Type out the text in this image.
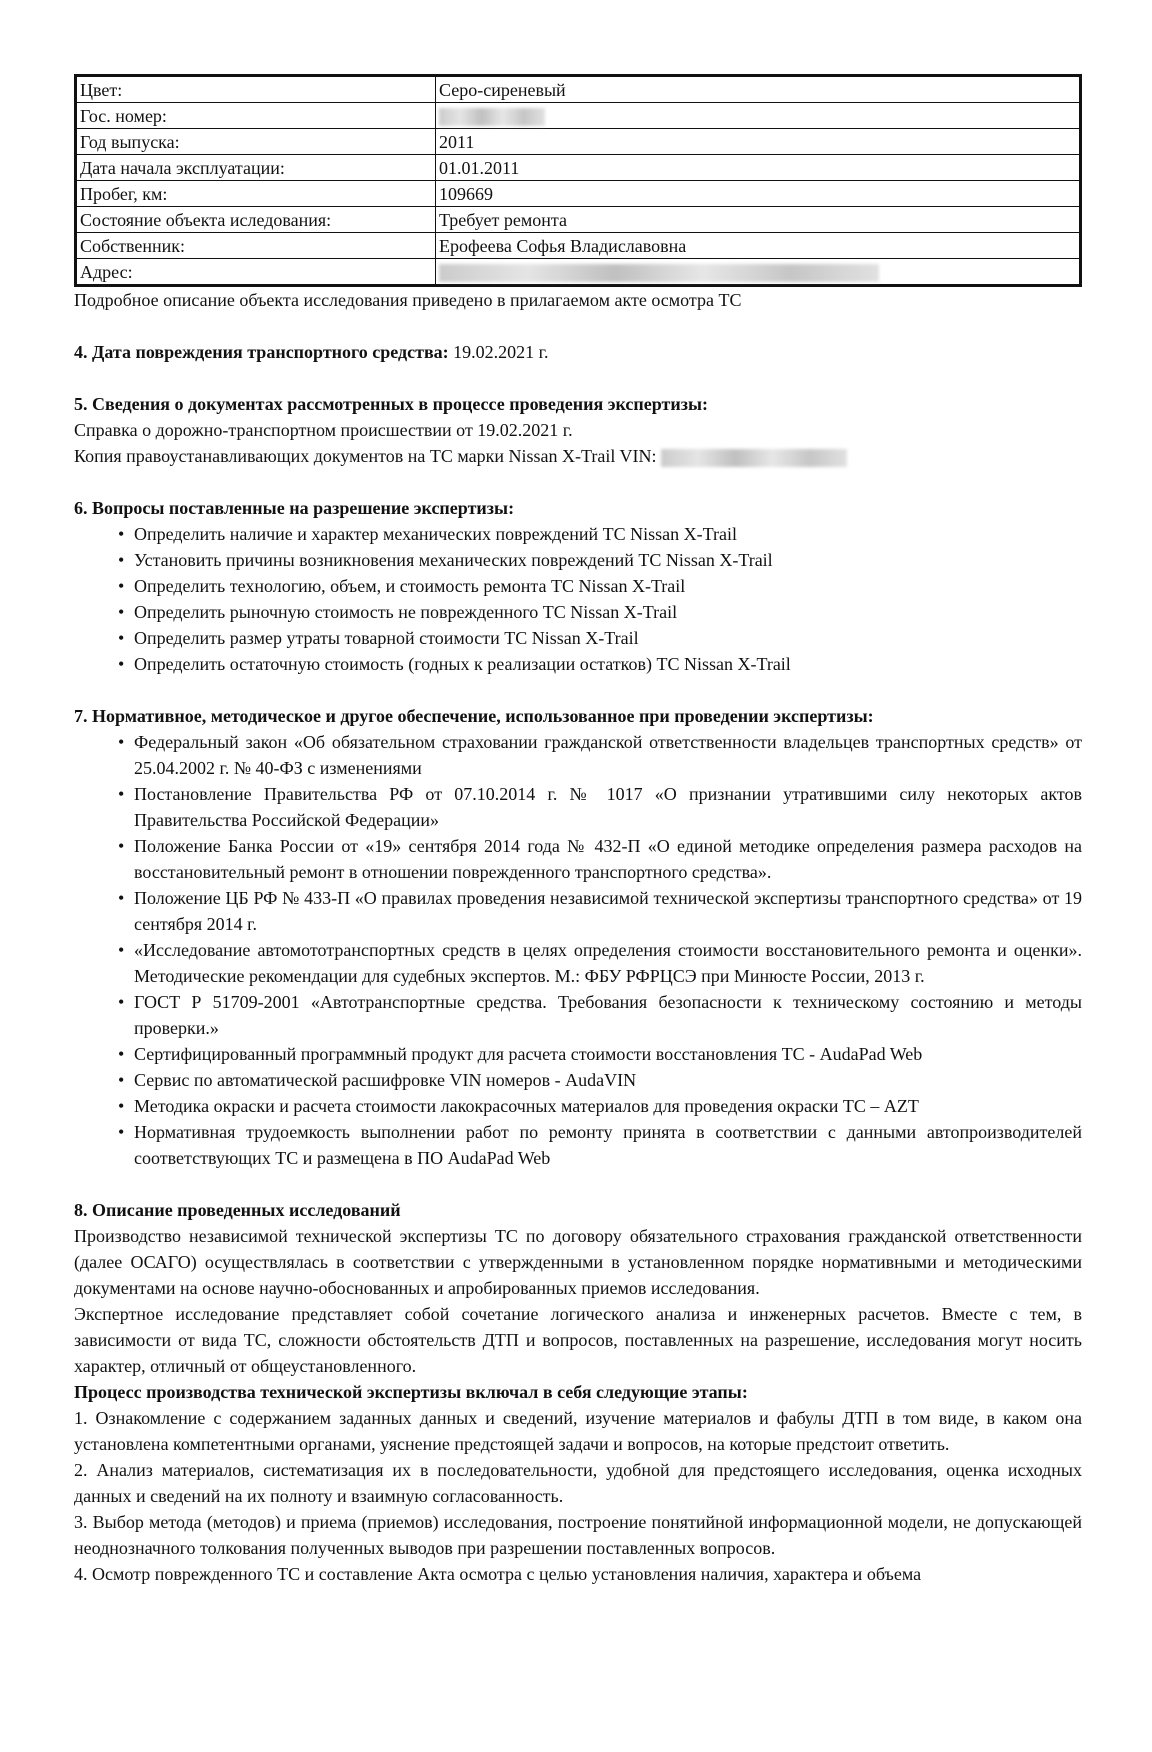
Цвет:	Серо-сиреневый
Гос. номер:	
Год выпуска:	2011
Дата начала эксплуатации:	01.01.2011
Пробег, км:	109669
Состояние объекта иследования:	Требует ремонта
Собственник:	Ерофеева Софья Владиславовна
Адрес:	

Подробное описание объекта исследования приведено в прилагаемом акте осмотра ТС

4. Дата повреждения транспортного средства: 19.02.2021 г.

5. Сведения о документах рассмотренных в процессе проведения экспертизы:

Справка о дорожно-транспортном происшествии от 19.02.2021 г.

Копия правоустанавливающих документов на ТС марки Nissan X-Trail VIN:

6. Вопросы поставленные на разрешение экспертизы:

• Определить наличие и характер механических повреждений ТС Nissan X-Trail
• Установить причины возникновения механических повреждений ТС Nissan X-Trail
• Определить технологию, объем, и стоимость ремонта ТС Nissan X-Trail
• Определить рыночную стоимость не поврежденного ТС Nissan X-Trail
• Определить размер утраты товарной стоимости ТС Nissan X-Trail
• Определить остаточную стоимость (годных к реализации остатков) ТС Nissan X-Trail

7. Нормативное, методическое и другое обеспечение, использованное при проведении экспертизы:

• Федеральный закон «Об обязательном страховании гражданской ответственности владельцев транспортных средств» от 25.04.2002 г. № 40-ФЗ с изменениями
• Постановление Правительства РФ от 07.10.2014 г. № 1017 «О признании утратившими силу некоторых актов Правительства Российской Федерации»
• Положение Банка России от «19» сентября 2014 года № 432-П «О единой методике определения размера расходов на восстановительный ремонт в отношении поврежденного транспортного средства».
• Положение ЦБ РФ № 433-П «О правилах проведения независимой технической экспертизы транспортного средства» от 19 сентября 2014 г.
• «Исследование автомототранспортных средств в целях определения стоимости восстановительного ремонта и оценки». Методические рекомендации для судебных экспертов. М.: ФБУ РФРЦСЭ при Минюсте России, 2013 г.
• ГОСТ Р 51709-2001 «Автотранспортные средства. Требования безопасности к техническому состоянию и методы проверки.»
• Сертифицированный программный продукт для расчета стоимости восстановления ТС - AudaPad Web
• Сервис по автоматической расшифровке VIN номеров - AudaVIN
• Методика окраски и расчета стоимости лакокрасочных материалов для проведения окраски ТС – AZT
• Нормативная трудоемкость выполнении работ по ремонту принята в соответствии с данными автопроизводителей соответствующих ТС и размещена в ПО AudaPad Web

8. Описание проведенных исследований

Производство независимой технической экспертизы ТС по договору обязательного страхования гражданской ответственности (далее ОСАГО) осуществлялась в соответствии с утвержденными в установленном порядке нормативными и методическими документами на основе научно-обоснованных и апробированных приемов исследования.

Экспертное исследование представляет собой сочетание логического анализа и инженерных расчетов. Вместе с тем, в зависимости от вида ТС, сложности обстоятельств ДТП и вопросов, поставленных на разрешение, исследования могут носить характер, отличный от общеустановленного.

Процесс производства технической экспертизы включал в себя следующие этапы:

1. Ознакомление с содержанием заданных данных и сведений, изучение материалов и фабулы ДТП в том виде, в каком она установлена компетентными органами, уяснение предстоящей задачи и вопросов, на которые предстоит ответить.

2. Анализ материалов, систематизация их в последовательности, удобной для предстоящего исследования, оценка исходных данных и сведений на их полноту и взаимную согласованность.

3. Выбор метода (методов) и приема (приемов) исследования, построение понятийной информационной модели, не допускающей неоднозначного толкования полученных выводов при разрешении поставленных вопросов.

4. Осмотр поврежденного ТС и составление Акта осмотра с целью установления наличия, характера и объема
